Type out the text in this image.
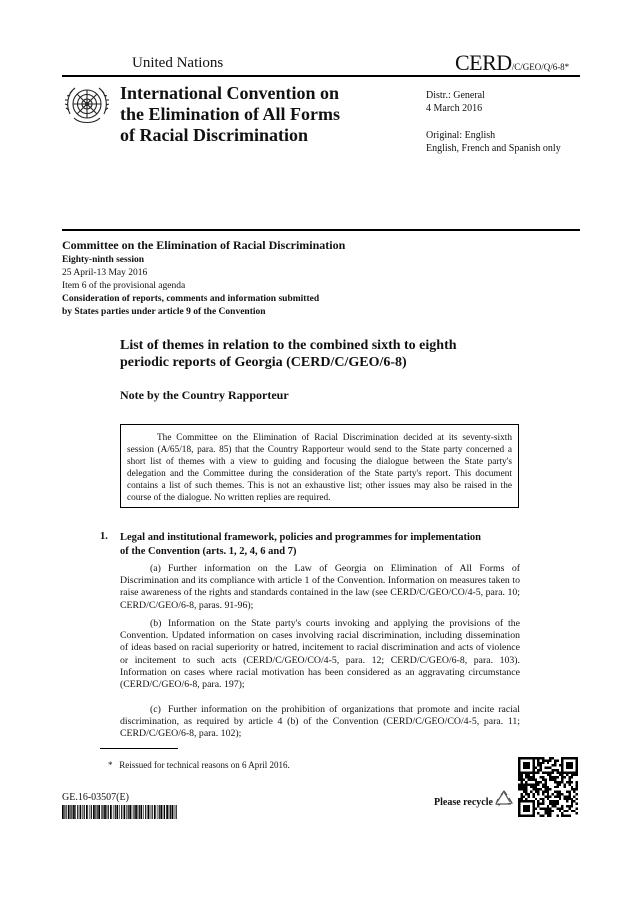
United Nations	CERD/C/GEO/Q/6-8*
International Convention on
the Elimination of All Forms
of Racial Discrimination
Distr.: General
4 March 2016
Original: English
English, French and Spanish only
Committee on the Elimination of Racial Discrimination
Eighty-ninth session
25 April-13 May 2016
Item 6 of the provisional agenda
Consideration of reports, comments and information submitted
by States parties under article 9 of the Convention
List of themes in relation to the combined sixth to eighth
periodic reports of Georgia (CERD/C/GEO/6-8)
Note by the Country Rapporteur

The Committee on the Elimination of Racial Discrimination decided at its seventy-sixth session (A/65/18, para. 85) that the Country Rapporteur would send to the State party concerned a short list of themes with a view to guiding and focusing the dialogue between the State party's delegation and the Committee during the consideration of the State party's report. This document contains a list of such themes. This is not an exhaustive list; other issues may also be raised in the course of the dialogue. No written replies are required.

1. Legal and institutional framework, policies and programmes for implementation
of the Convention (arts. 1, 2, 4, 6 and 7)
(a) Further information on the Law of Georgia on Elimination of All Forms of Discrimination and its compliance with article 1 of the Convention. Information on measures taken to raise awareness of the rights and standards contained in the law (see CERD/C/GEO/CO/4-5, para. 10; CERD/C/GEO/6-8, paras. 91-96);
(b) Information on the State party's courts invoking and applying the provisions of the Convention. Updated information on cases involving racial discrimination, including dissemination of ideas based on racial superiority or hatred, incitement to racial discrimination and acts of violence or incitement to such acts (CERD/C/GEO/CO/4-5, para. 12; CERD/C/GEO/6-8, para. 103). Information on cases where racial motivation has been considered as an aggravating circumstance (CERD/C/GEO/6-8, para. 197);
(c) Further information on the prohibition of organizations that promote and incite racial discrimination, as required by article 4 (b) of the Convention (CERD/C/GEO/CO/4-5, para. 11; CERD/C/GEO/6-8, para. 102);
* Reissued for technical reasons on 6 April 2016.
GE.16-03507(E)	Please recycle
